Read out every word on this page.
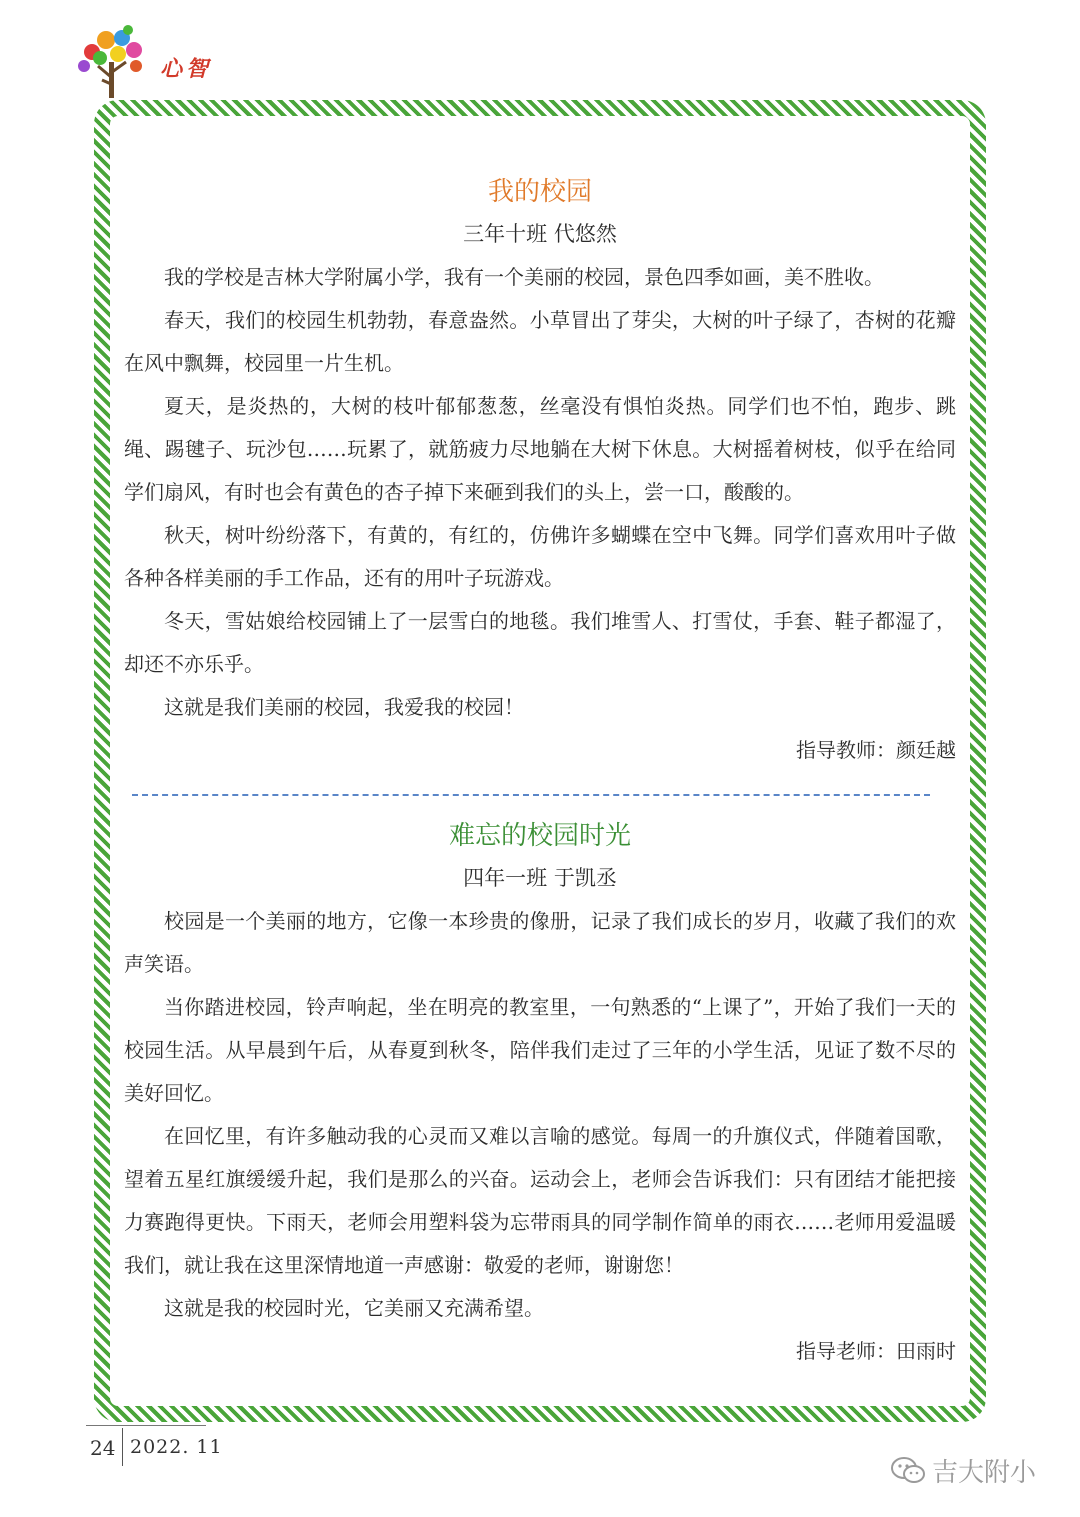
心智
我的校园
三年十班 代悠然

我的学校是吉林大学附属小学，我有一个美丽的校园，景色四季如画，美不胜收。

春天，我们的校园生机勃勃，春意盎然。小草冒出了芽尖，大树的叶子绿了，杏树的花瓣在风中飘舞，校园里一片生机。

夏天，是炎热的，大树的枝叶郁郁葱葱，丝毫没有惧怕炎热。同学们也不怕，跑步、跳绳、踢毽子、玩沙包……玩累了，就筋疲力尽地躺在大树下休息。大树摇着树枝，似乎在给同学们扇风，有时也会有黄色的杏子掉下来砸到我们的头上，尝一口，酸酸的。

秋天，树叶纷纷落下，有黄的，有红的，仿佛许多蝴蝶在空中飞舞。同学们喜欢用叶子做各种各样美丽的手工作品，还有的用叶子玩游戏。

冬天，雪姑娘给校园铺上了一层雪白的地毯。我们堆雪人、打雪仗，手套、鞋子都湿了，却还不亦乐乎。

这就是我们美丽的校园，我爱我的校园！

指导教师：颜廷越

难忘的校园时光
四年一班 于凯丞

校园是一个美丽的地方，它像一本珍贵的像册，记录了我们成长的岁月，收藏了我们的欢声笑语。

当你踏进校园，铃声响起，坐在明亮的教室里，一句熟悉的“上课了”，开始了我们一天的校园生活。从早晨到午后，从春夏到秋冬，陪伴我们走过了三年的小学生活，见证了数不尽的美好回忆。

在回忆里，有许多触动我的心灵而又难以言喻的感觉。每周一的升旗仪式，伴随着国歌，望着五星红旗缓缓升起，我们是那么的兴奋。运动会上，老师会告诉我们：只有团结才能把接力赛跑得更快。下雨天，老师会用塑料袋为忘带雨具的同学制作简单的雨衣……老师用爱温暖我们，就让我在这里深情地道一声感谢：敬爱的老师，谢谢您！

这就是我的校园时光，它美丽又充满希望。

指导老师：田雨时

24 2022. 11
吉大附小
